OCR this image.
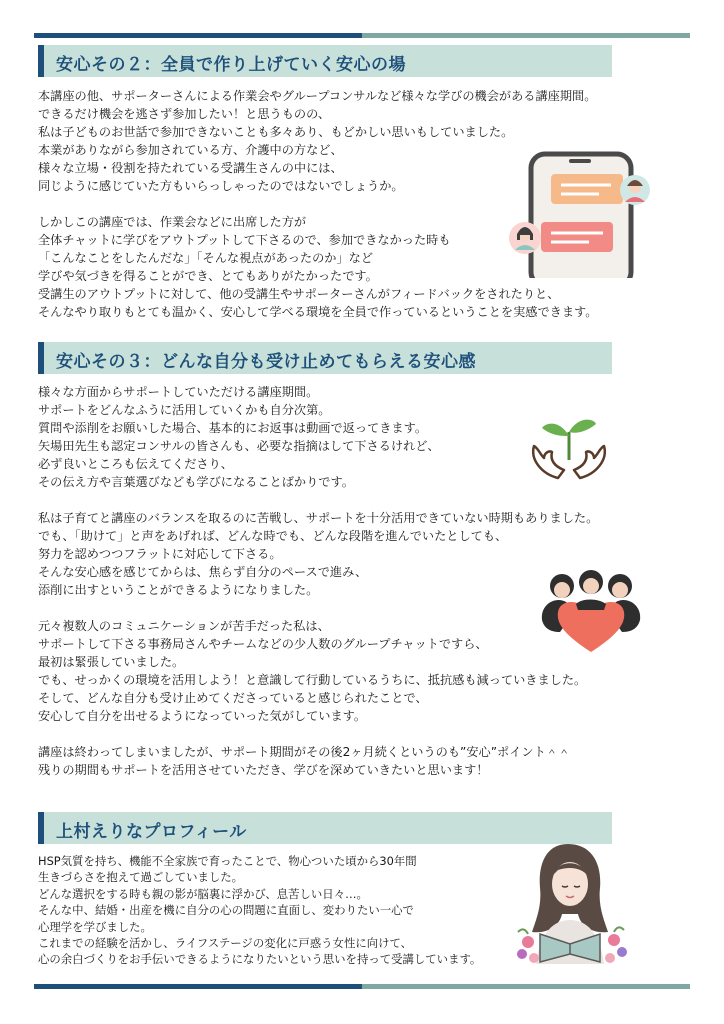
安心その２：全員で作り上げていく安心の場
本講座の他、サポーターさんによる作業会やグループコンサルなど様々な学びの機会がある講座期間。
できるだけ機会を逃さず参加したい！と思うものの、
私は子どものお世話で参加できないことも多々あり、もどかしい思いもしていました。
本業がありながら参加されている方、介護中の方など、
様々な立場・役割を持たれている受講生さんの中には、
同じように感じていた方もいらっしゃったのではないでしょうか。
しかしこの講座では、作業会などに出席した方が
全体チャットに学びをアウトプットして下さるので、参加できなかった時も
「こんなことをしたんだな」「そんな視点があったのか」など
学びや気づきを得ることができ、とてもありがたかったです。
受講生のアウトプットに対して、他の受講生やサポーターさんがフィードバックをされたりと、
そんなやり取りもとても温かく、安心して学べる環境を全員で作っているということを実感できます。
安心その３：どんな自分も受け止めてもらえる安心感
様々な方面からサポートしていただける講座期間。
サポートをどんなふうに活用していくかも自分次第。
質問や添削をお願いした場合、基本的にお返事は動画で返ってきます。
矢場田先生も認定コンサルの皆さんも、必要な指摘はして下さるけれど、
必ず良いところも伝えてくださり、
その伝え方や言葉選びなども学びになることばかりです。
私は子育てと講座のバランスを取るのに苦戦し、サポートを十分活用できていない時期もありました。
でも、「助けて」と声をあげれば、どんな時でも、どんな段階を進んでいたとしても、
努力を認めつつフラットに対応して下さる。
そんな安心感を感じてからは、焦らず自分のペースで進み、
添削に出すということができるようになりました。
元々複数人のコミュニケーションが苦手だった私は、
サポートして下さる事務局さんやチームなどの少人数のグループチャットですら、
最初は緊張していました。
でも、せっかくの環境を活用しよう！と意識して行動しているうちに、抵抗感も減っていきました。
そして、どんな自分も受け止めてくださっていると感じられたことで、
安心して自分を出せるようになっていった気がしています。
講座は終わってしまいましたが、サポート期間がその後2ヶ月続くというのも”安心”ポイント＾＾
残りの期間もサポートを活用させていただき、学びを深めていきたいと思います！
上村えりなプロフィール
HSP気質を持ち、機能不全家族で育ったことで、物心ついた頃から30年間
生きづらさを抱えて過ごしていました。
どんな選択をする時も親の影が脳裏に浮かび、息苦しい日々…。
そんな中、結婚・出産を機に自分の心の問題に直面し、変わりたい一心で
心理学を学びました。
これまでの経験を活かし、ライフステージの変化に戸惑う女性に向けて、
心の余白づくりをお手伝いできるようになりたいという思いを持って受講しています。
